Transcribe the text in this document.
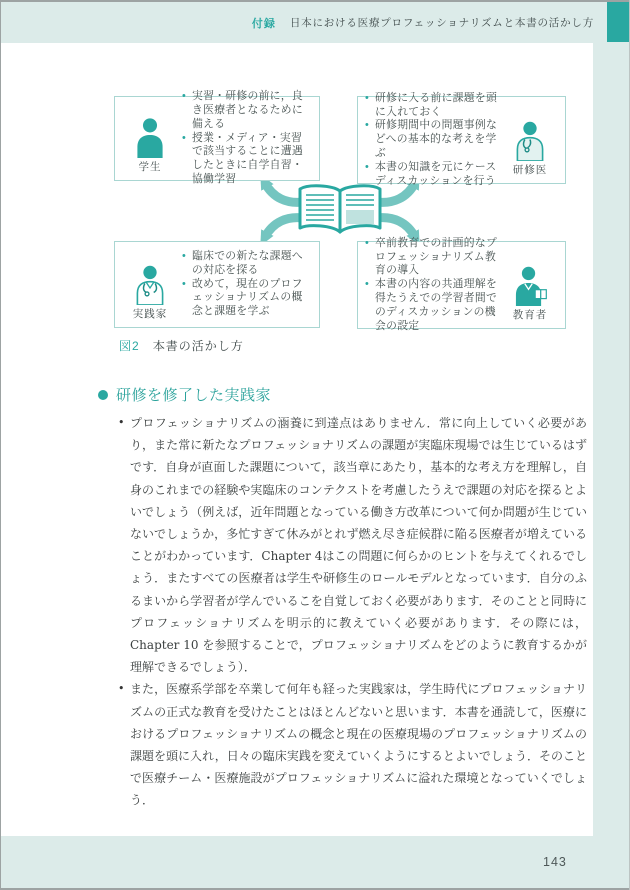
付録 日本における医療プロフェッショナリズムと本書の活かし方
学生
• 実習・研修の前に，良き医療者となるために備える
• 授業・メディア・実習で該当することに遭遇したときに自学自習・協働学習
• 研修に入る前に課題を頭に入れておく
• 研修期間中の問題事例などへの基本的な考えを学ぶ
• 本書の知識を元にケースディスカッションを行う
研修医
実践家
• 臨床での新たな課題への対応を探る
• 改めて，現在のプロフェッショナリズムの概念と課題を学ぶ
• 卒前教育での計画的なプロフェッショナリズム教育の導入
• 本書の内容の共通理解を得たうえでの学習者間でのディスカッションの機会の設定
教育者
図2 本書の活かし方
研修を修了した実践家

• プロフェッショナリズムの涵養に到達点はありません．常に向上していく必要があり，また常に新たなプロフェッショナリズムの課題が実臨床現場では生じているはずです．自身が直面した課題について，該当章にあたり，基本的な考え方を理解し，自身のこれまでの経験や実臨床のコンテクストを考慮したうえで課題の対応を探るとよいでしょう（例えば，近年問題となっている働き方改革について何か問題が生じていないでしょうか，多忙すぎて休みがとれず燃え尽き症候群に陥る医療者が増えていることがわかっています．Chapter 4はこの問題に何らかのヒントを与えてくれるでしょう．またすべての医療者は学生や研修生のロールモデルとなっています．自分のふるまいから学習者が学んでいるこを自覚しておく必要があります．そのことと同時にプロフェッショナリズムを明示的に教えていく必要があります．その際には，Chapter 10 を参照することで，プロフェッショナリズムをどのように教育するかが理解できるでしょう）．

• また，医療系学部を卒業して何年も経った実践家は，学生時代にプロフェッショナリズムの正式な教育を受けたことはほとんどないと思います．本書を通読して，医療におけるプロフェッショナリズムの概念と現在の医療現場のプロフェッショナリズムの課題を頭に入れ，日々の臨床実践を変えていくようにするとよいでしょう．そのことで医療チーム・医療施設がプロフェッショナリズムに溢れた環境となっていくでしょう．

143
